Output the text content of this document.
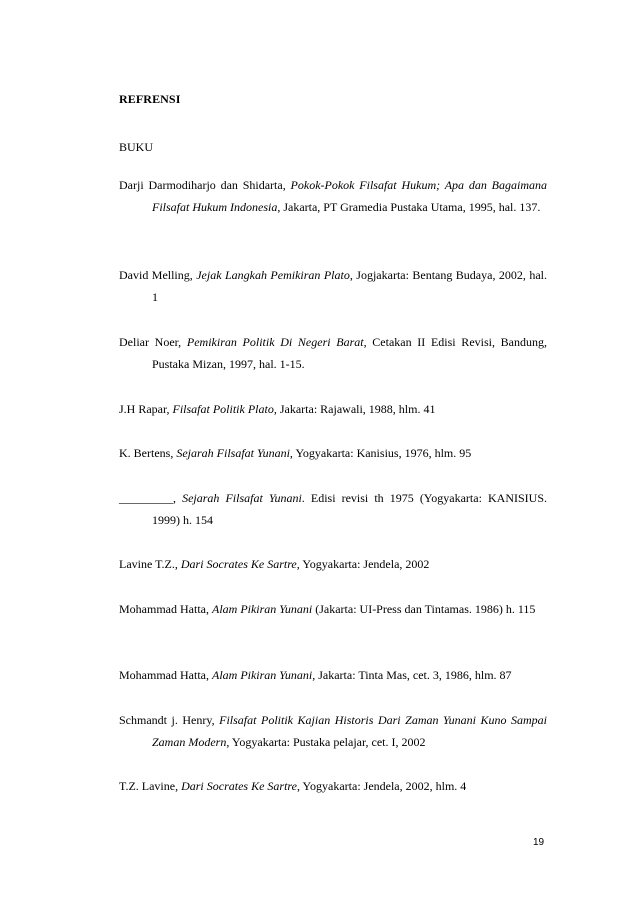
REFRENSI
BUKU
Darji Darmodiharjo dan Shidarta, Pokok-Pokok Filsafat Hukum; Apa dan Bagaimana Filsafat Hukum Indonesia, Jakarta, PT Gramedia Pustaka Utama, 1995, hal. 137.
David Melling, Jejak Langkah Pemikiran Plato, Jogjakarta: Bentang Budaya, 2002, hal. 1
Deliar Noer, Pemikiran Politik Di Negeri Barat, Cetakan II Edisi Revisi, Bandung, Pustaka Mizan, 1997, hal. 1-15.
J.H Rapar, Filsafat Politik Plato, Jakarta: Rajawali, 1988, hlm. 41
K. Bertens, Sejarah Filsafat Yunani, Yogyakarta: Kanisius, 1976, hlm. 95
_________, Sejarah Filsafat Yunani. Edisi revisi th 1975 (Yogyakarta: KANISIUS. 1999) h. 154
Lavine T.Z., Dari Socrates Ke Sartre, Yogyakarta: Jendela, 2002
Mohammad Hatta, Alam Pikiran Yunani (Jakarta: UI-Press dan Tintamas. 1986) h. 115
Mohammad Hatta, Alam Pikiran Yunani, Jakarta: Tinta Mas, cet. 3, 1986, hlm. 87
Schmandt j. Henry, Filsafat Politik Kajian Historis Dari Zaman Yunani Kuno Sampai Zaman Modern, Yogyakarta: Pustaka pelajar, cet. I, 2002
T.Z. Lavine, Dari Socrates Ke Sartre, Yogyakarta: Jendela, 2002, hlm. 4
19
